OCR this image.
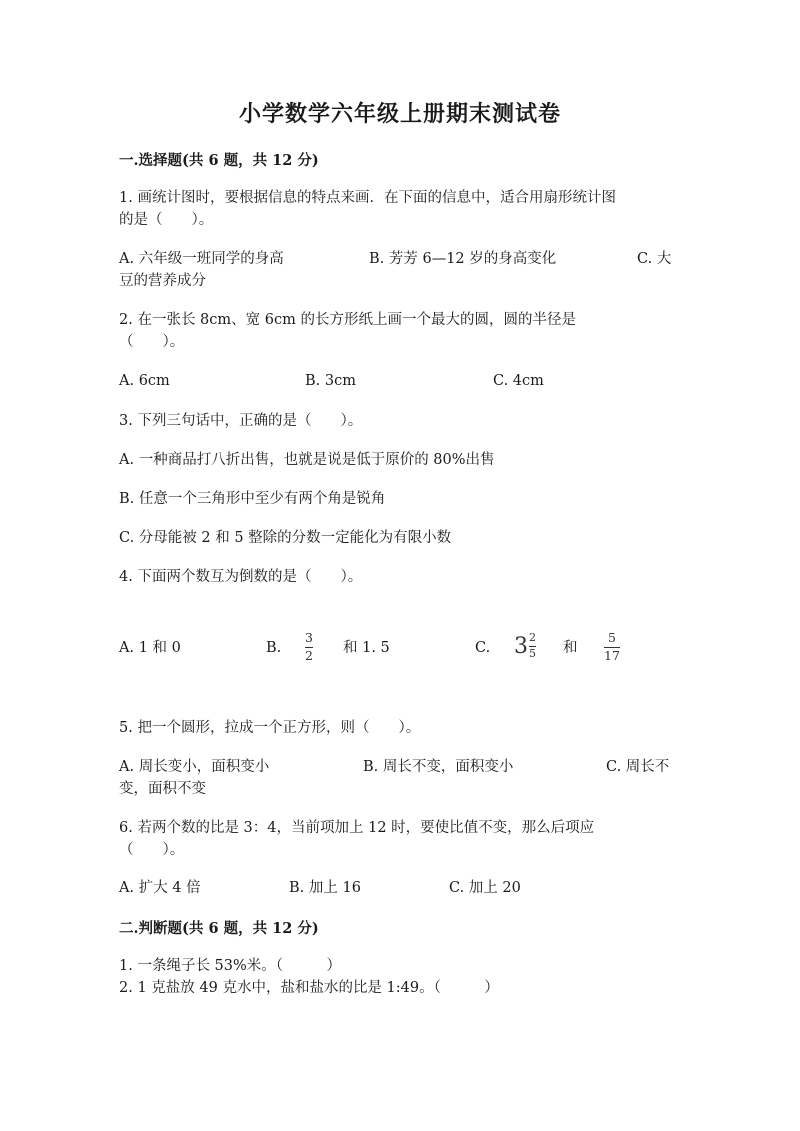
小学数学六年级上册期末测试卷
一.选择题(共 6 题，共 12 分)
1. 画统计图时，要根据信息的特点来画．在下面的信息中，适合用扇形统计图
的是（　　）。
A. 六年级一班同学的身高	B. 芳芳 6—12 岁的身高变化	C. 大
豆的营养成分
2. 在一张长 8cm、宽 6cm 的长方形纸上画一个最大的圆，圆的半径是
（　　）。
A. 6cm	B. 3cm	C. 4cm
3. 下列三句话中，正确的是（　　）。
A. 一种商品打八折出售，也就是说是低于原价的 80%出售
B. 任意一个三角形中至少有两个角是锐角
C. 分母能被 2 和 5 整除的分数一定能化为有限小数
4. 下面两个数互为倒数的是（　　）。
A. 1 和 0	B.
3
2 和 1. 5	C. $3 \frac{2}{5}$ 和
5
17
5. 把一个圆形，拉成一个正方形，则（　　）。
A. 周长变小，面积变小	B. 周长不变，面积变小	C. 周长不
变，面积不变
6. 若两个数的比是 3：4，当前项加上 12 时，要使比值不变，那么后项应
（　　）。
A. 扩大 4 倍	B. 加上 16	C. 加上 20
二.判断题(共 6 题，共 12 分)
1. 一条绳子长 53%米。（　　　）
2. 1 克盐放 49 克水中，盐和盐水的比是 1:49。（　　　）
